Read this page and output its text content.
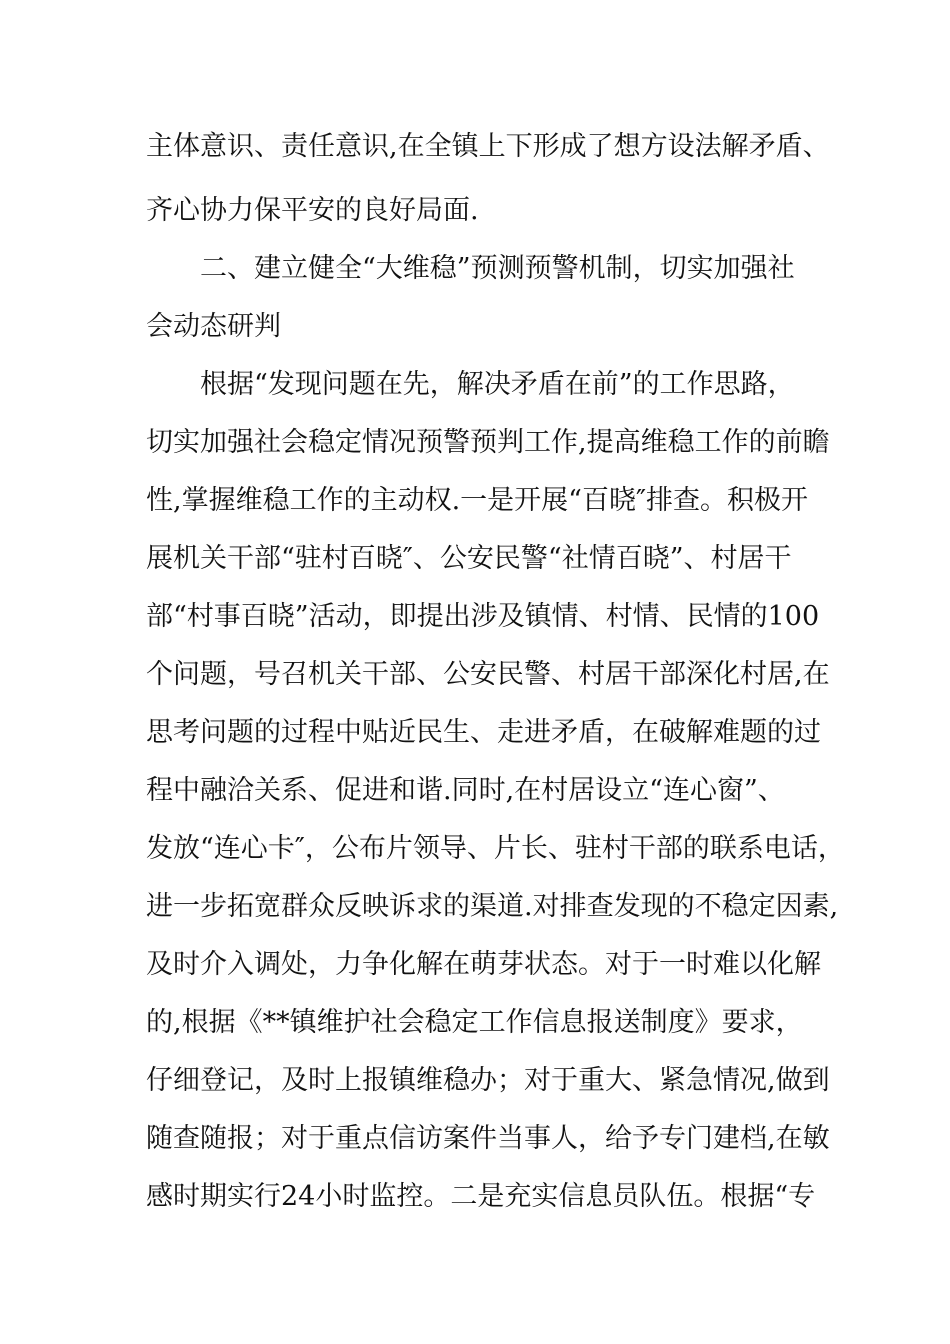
主体意识、责任意识,在全镇上下形成了想方设法解矛盾、
齐心协力保平安的良好局面.
二、建立健全“大维稳”预测预警机制，切实加强社
会动态研判
根据“发现问题在先，解决矛盾在前”的工作思路，
切实加强社会稳定情况预警预判工作,提高维稳工作的前瞻
性,掌握维稳工作的主动权.一是开展“百晓″排查。积极开
展机关干部“驻村百晓″、公安民警“社情百晓”、村居干
部“村事百晓”活动，即提出涉及镇情、村情、民情的100
个问题，号召机关干部、公安民警、村居干部深化村居,在
思考问题的过程中贴近民生、走进矛盾，在破解难题的过
程中融洽关系、促进和谐.同时,在村居设立“连心窗”、
发放“连心卡″，公布片领导、片长、驻村干部的联系电话，
进一步拓宽群众反映诉求的渠道.对排查发现的不稳定因素,
及时介入调处，力争化解在萌芽状态。对于一时难以化解
的,根据《**镇维护社会稳定工作信息报送制度》要求，
仔细登记，及时上报镇维稳办；对于重大、紧急情况,做到
随查随报；对于重点信访案件当事人，给予专门建档,在敏
感时期实行24小时监控。二是充实信息员队伍。根据“专
